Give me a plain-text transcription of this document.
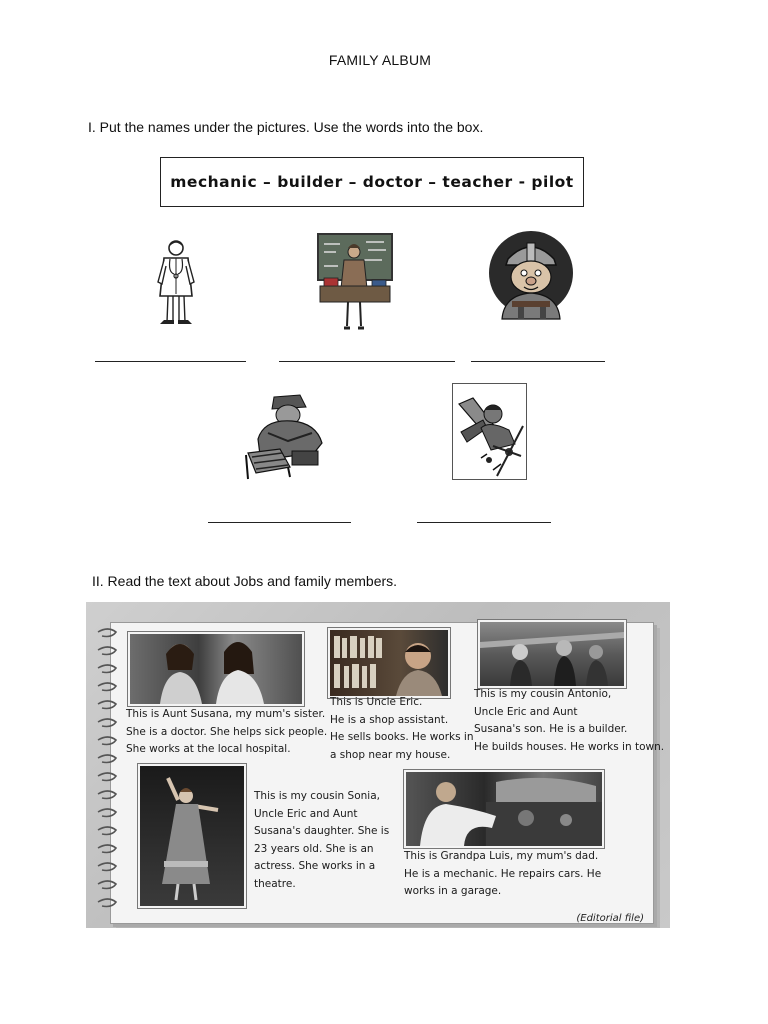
FAMILY ALBUM
I. Put the names under the pictures. Use the words into the box.
mechanic – builder – doctor – teacher - pilot
II. Read the text about Jobs and family members.
This is Aunt Susana, my mum's sister.
She is a doctor. She helps sick people.
She works at the local hospital.
This is Uncle Eric.
He is a shop assistant.
He sells books. He works in
a shop near my house.
This is my cousin Antonio,
Uncle Eric and Aunt
Susana's son. He is a builder.
He builds houses. He works in town.
This is my cousin Sonia,
Uncle Eric and Aunt
Susana's daughter. She is
23 years old. She is an
actress. She works in a
theatre.
This is Grandpa Luis, my mum's dad.
He is a mechanic. He repairs cars. He
works in a garage.
(Editorial file)
